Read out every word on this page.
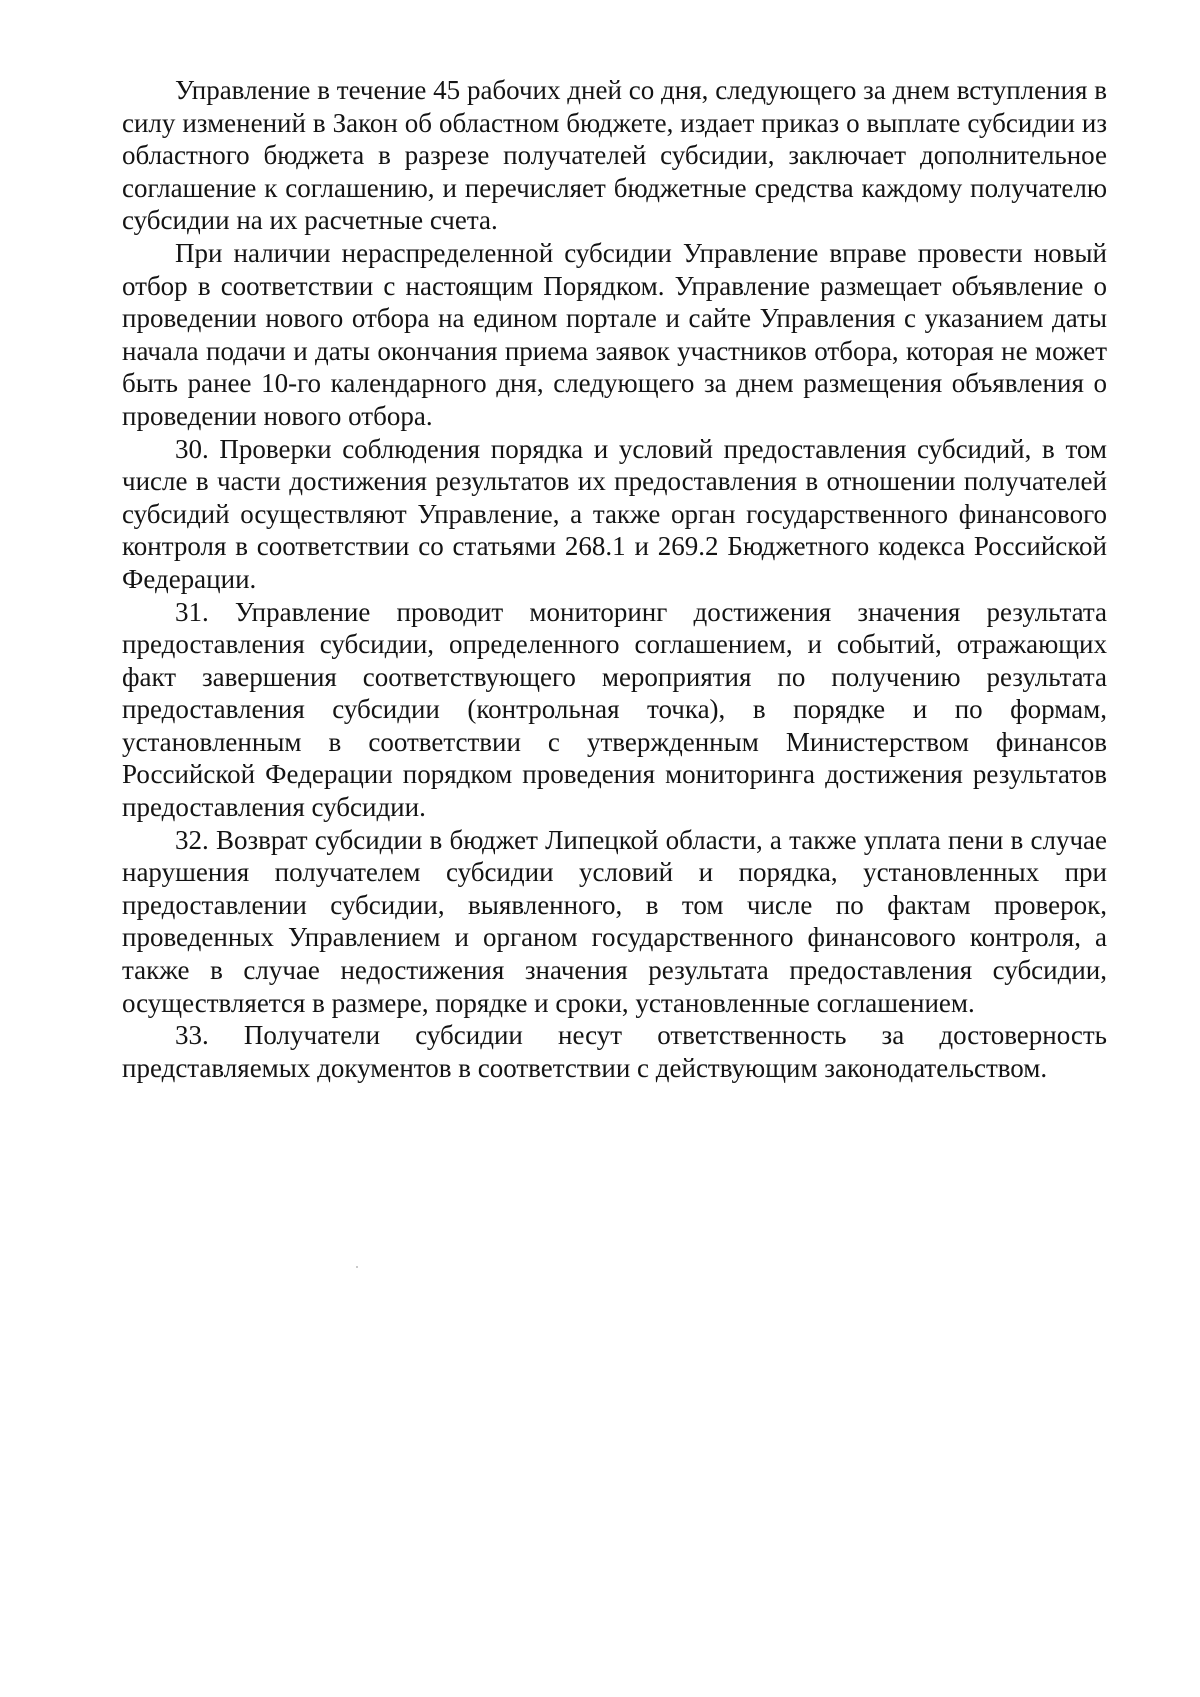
Управление в течение 45 рабочих дней со дня, следующего за днем вступления в силу изменений в Закон об областном бюджете, издает приказ о выплате субсидии из областного бюджета в разрезе получателей субсидии, заключает дополнительное соглашение к соглашению, и перечисляет бюджетные средства каждому получателю субсидии на их расчетные счета.

При наличии нераспределенной субсидии Управление вправе провести новый отбор в соответствии с настоящим Порядком. Управление размещает объявление о проведении нового отбора на едином портале и сайте Управления с указанием даты начала подачи и даты окончания приема заявок участников отбора, которая не может быть ранее 10-го календарного дня, следующего за днем размещения объявления о проведении нового отбора.

30. Проверки соблюдения порядка и условий предоставления субсидий, в том числе в части достижения результатов их предоставления в отношении получателей субсидий осуществляют Управление, а также орган государственного финансового контроля в соответствии со статьями 268.1 и 269.2 Бюджетного кодекса Российской Федерации.

31. Управление проводит мониторинг достижения значения результата предоставления субсидии, определенного соглашением, и событий, отражающих факт завершения соответствующего мероприятия по получению результата предоставления субсидии (контрольная точка), в порядке и по формам, установленным в соответствии с утвержденным Министерством финансов Российской Федерации порядком проведения мониторинга достижения результатов предоставления субсидии.

32. Возврат субсидии в бюджет Липецкой области, а также уплата пени в случае нарушения получателем субсидии условий и порядка, установленных при предоставлении субсидии, выявленного, в том числе по фактам проверок, проведенных Управлением и органом государственного финансового контроля, а также в случае недостижения значения результата предоставления субсидии, осуществляется в размере, порядке и сроки, установленные соглашением.

33. Получатели субсидии несут ответственность за достоверность представляемых документов в соответствии с действующим законодательством.
